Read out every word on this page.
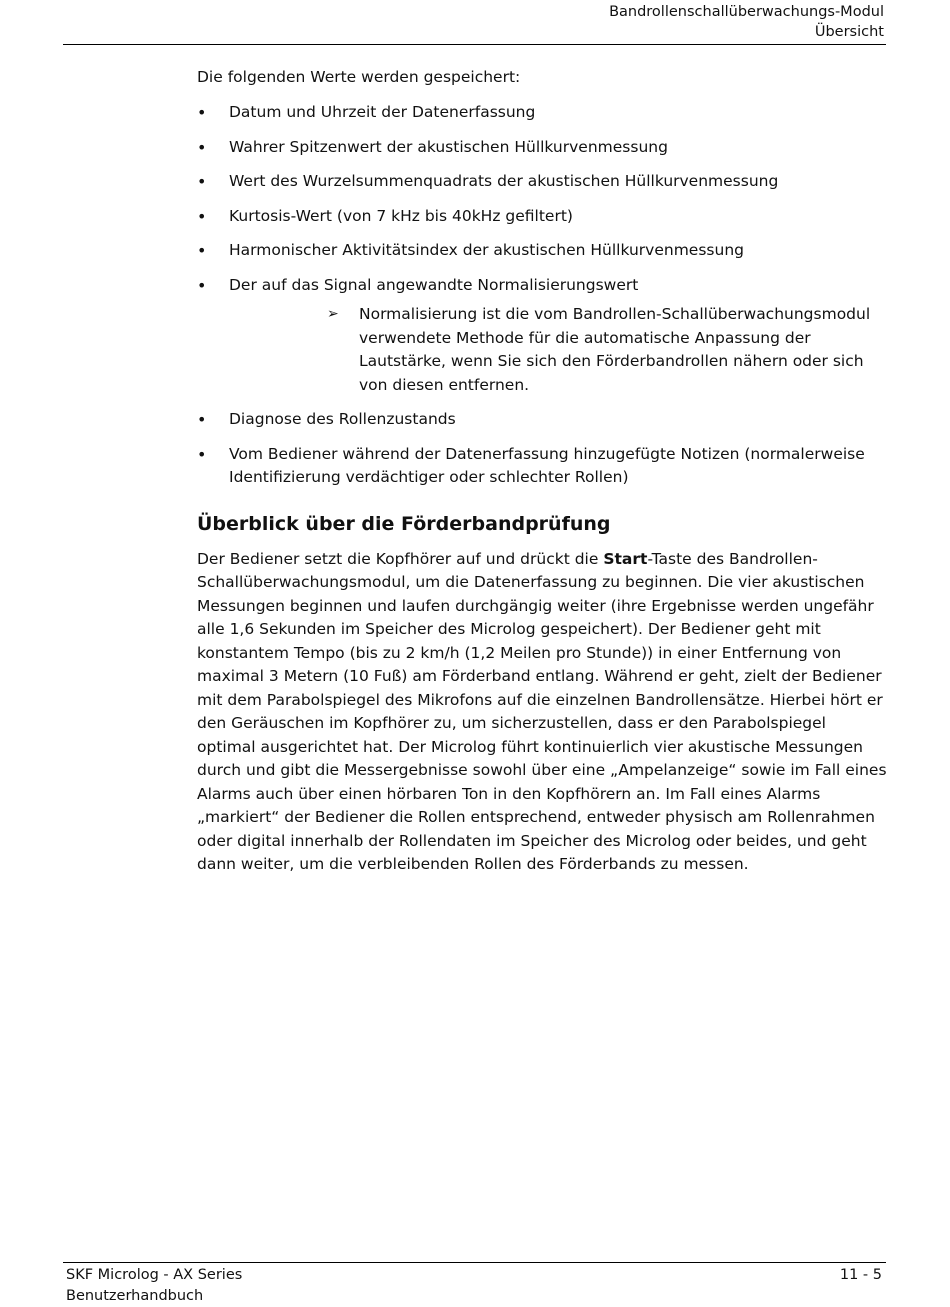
Bandrollenschallüberwachungs-Modul
Übersicht

Die folgenden Werte werden gespeichert:

• Datum und Uhrzeit der Datenerfassung
• Wahrer Spitzenwert der akustischen Hüllkurvenmessung
• Wert des Wurzelsummenquadrats der akustischen Hüllkurvenmessung
• Kurtosis-Wert (von 7 kHz bis 40kHz gefiltert)
• Harmonischer Aktivitätsindex der akustischen Hüllkurvenmessung
• Der auf das Signal angewandte Normalisierungswert
➢ Normalisierung ist die vom Bandrollen-Schallüberwachungsmodul verwendete Methode für die automatische Anpassung der Lautstärke, wenn Sie sich den Förderbandrollen nähern oder sich von diesen entfernen.
• Diagnose des Rollenzustands
• Vom Bediener während der Datenerfassung hinzugefügte Notizen (normalerweise Identifizierung verdächtiger oder schlechter Rollen)
Überblick über die Förderbandprüfung

Der Bediener setzt die Kopfhörer auf und drückt die Start-Taste des Bandrollen-Schallüberwachungsmodul, um die Datenerfassung zu beginnen. Die vier akustischen Messungen beginnen und laufen durchgängig weiter (ihre Ergebnisse werden ungefähr alle 1,6 Sekunden im Speicher des Microlog gespeichert). Der Bediener geht mit konstantem Tempo (bis zu 2 km/h (1,2 Meilen pro Stunde)) in einer Entfernung von maximal 3 Metern (10 Fuß) am Förderband entlang. Während er geht, zielt der Bediener mit dem Parabolspiegel des Mikrofons auf die einzelnen Bandrollensätze. Hierbei hört er den Geräuschen im Kopfhörer zu, um sicherzustellen, dass er den Parabolspiegel optimal ausgerichtet hat. Der Microlog führt kontinuierlich vier akustische Messungen durch und gibt die Messergebnisse sowohl über eine „Ampelanzeige“ sowie im Fall eines Alarms auch über einen hörbaren Ton in den Kopfhörern an. Im Fall eines Alarms „markiert“ der Bediener die Rollen entsprechend, entweder physisch am Rollenrahmen oder digital innerhalb der Rollendaten im Speicher des Microlog oder beides, und geht dann weiter, um die verbleibenden Rollen des Förderbands zu messen.

SKF Microlog - AX Series
Benutzerhandbuch
11 - 5
